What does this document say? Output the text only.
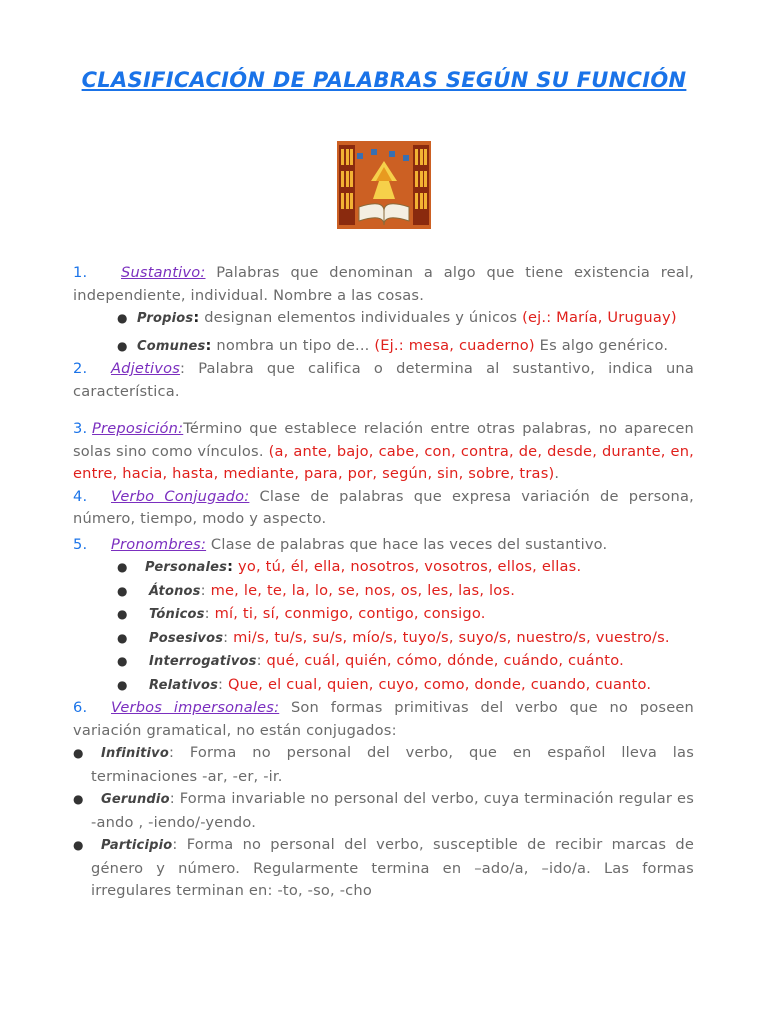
CLASIFICACIÓN DE PALABRAS SEGÚN SU FUNCIÓN

1. Sustantivo: Palabras que denominan a algo que tiene existencia real, independiente, individual. Nombre a las cosas.

● Propios: designan elementos individuales y únicos (ej.: María, Uruguay)
● Comunes: nombra un tipo de... (Ej.: mesa, cuaderno) Es algo genérico.

2. Adjetivos: Palabra que califica o determina al sustantivo, indica una característica.

3. Preposición:Término que establece relación entre otras palabras, no aparecen solas sino como vínculos. (a, ante, bajo, cabe, con, contra, de, desde, durante, en, entre, hacia, hasta, mediante, para, por, según, sin, sobre, tras).

4. Verbo Conjugado: Clase de palabras que expresa variación de persona, número, tiempo, modo y aspecto.

5. Pronombres: Clase de palabras que hace las veces del sustantivo.

● Personales: yo, tú, él, ella, nosotros, vosotros, ellos, ellas.
● Átonos: me, le, te, la, lo, se, nos, os, les, las, los.
● Tónicos: mí, ti, sí, conmigo, contigo, consigo.
● Posesivos: mi/s, tu/s, su/s, mío/s, tuyo/s, suyo/s, nuestro/s, vuestro/s.
● Interrogativos: qué, cuál, quién, cómo, dónde, cuándo, cuánto.
● Relativos: Que, el cual, quien, cuyo, como, donde, cuando, cuanto.

6. Verbos impersonales: Son formas primitivas del verbo que no poseen variación gramatical, no están conjugados:

● Infinitivo: Forma no personal del verbo, que en español lleva las terminaciones -ar, -er, -ir.
● Gerundio: Forma invariable no personal del verbo, cuya terminación regular es -ando , -iendo/-yendo.
● Participio: Forma no personal del verbo, susceptible de recibir marcas de género y número. Regularmente termina en –ado/a, –ido/a. Las formas irregulares terminan en: -to, -so, -cho
